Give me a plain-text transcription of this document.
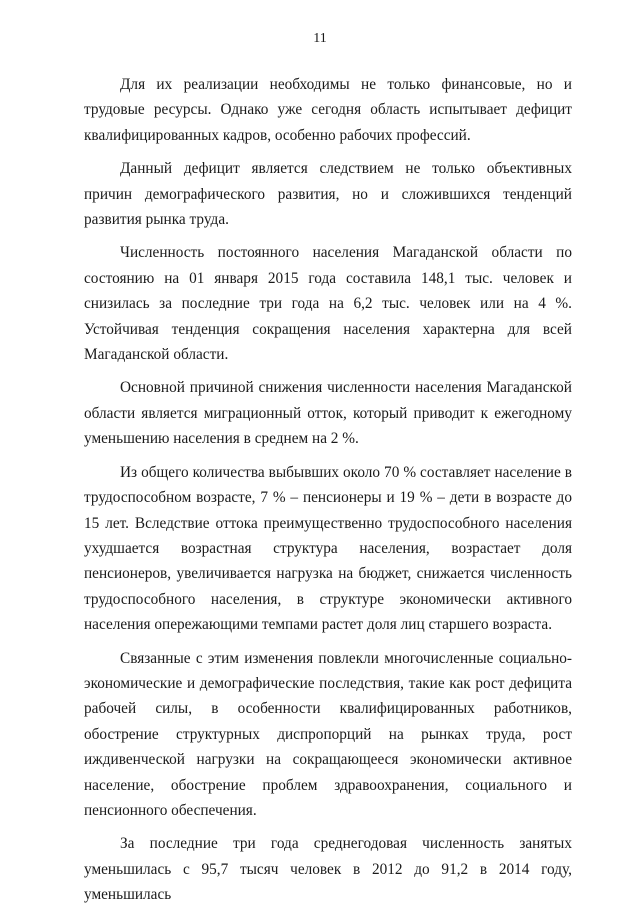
11

Для их реализации необходимы не только финансовые, но и трудовые ресурсы. Однако уже сегодня область испытывает дефицит квалифицированных кадров, особенно рабочих профессий.

Данный дефицит является следствием не только объективных причин демографического развития, но и сложившихся тенденций развития рынка труда.

Численность постоянного населения Магаданской области по состоянию на 01 января 2015 года составила 148,1 тыс. человек и снизилась за последние три года на 6,2 тыс. человек или на 4 %. Устойчивая тенденция сокращения населения характерна для всей Магаданской области.

Основной причиной снижения численности населения Магаданской области является миграционный отток, который приводит к ежегодному уменьшению населения в среднем на 2 %.

Из общего количества выбывших около 70 % составляет население в трудоспособном возрасте, 7 % – пенсионеры и 19 % – дети в возрасте до 15 лет. Вследствие оттока преимущественно трудоспособного населения ухудшается возрастная структура населения, возрастает доля пенсионеров, увеличивается нагрузка на бюджет, снижается численность трудоспособного населения, в структуре экономически активного населения опережающими темпами растет доля лиц старшего возраста.

Связанные с этим изменения повлекли многочисленные социально-экономические и демографические последствия, такие как рост дефицита рабочей силы, в особенности квалифицированных работников, обострение структурных диспропорций на рынках труда, рост иждивенческой нагрузки на сокращающееся экономически активное население, обострение проблем здравоохранения, социального и пенсионного обеспечения.

За последние три года среднегодовая численность занятых уменьшилась с 95,7 тысяч человек в 2012 до 91,2 в 2014 году, уменьшилась
